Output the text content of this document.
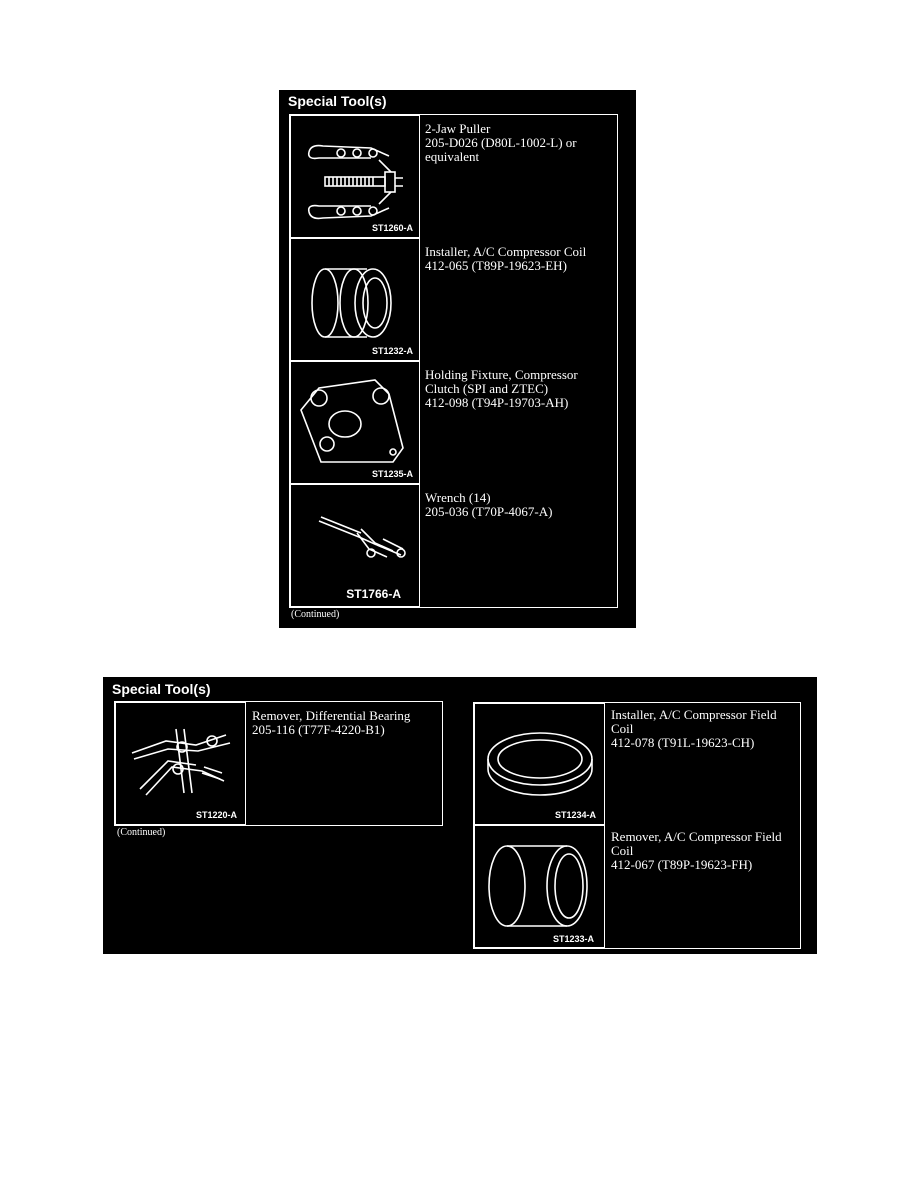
Special Tool(s)
ST1260-A
2-Jaw Puller
205-D026 (D80L-1002-L) or
equivalent
ST1232-A
Installer, A/C Compressor Coil
412-065 (T89P-19623-EH)
ST1235-A
Holding Fixture, Compressor
Clutch (SPI and ZTEC)
412-098 (T94P-19703-AH)
ST1766-A
Wrench (14)
205-036 (T70P-4067-A)
(Continued)
Special Tool(s)
ST1220-A
Remover, Differential Bearing
205-116 (T77F-4220-B1)
(Continued)
ST1234-A
Installer, A/C Compressor Field
Coil
412-078 (T91L-19623-CH)
ST1233-A
Remover, A/C Compressor Field
Coil
412-067 (T89P-19623-FH)
